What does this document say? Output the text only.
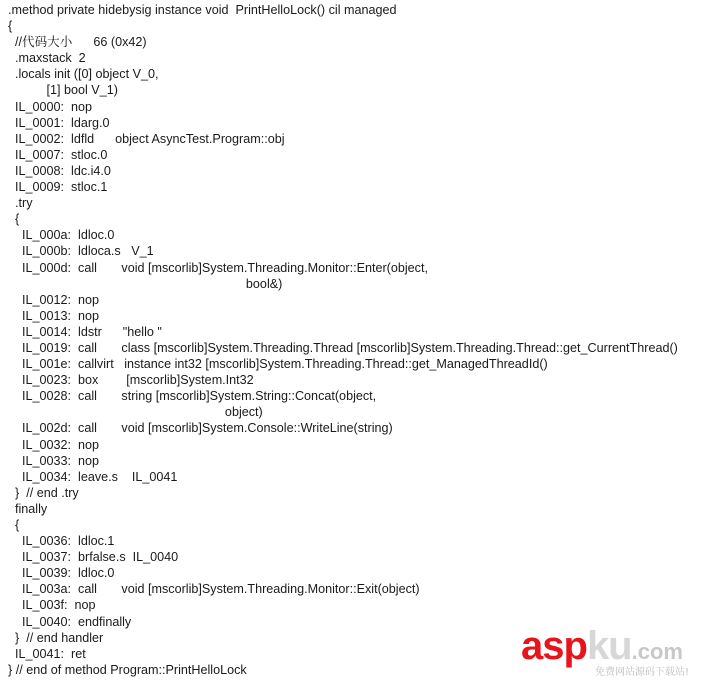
.method private hidebysig instance void  PrintHelloLock() cil managed
{
//代码大小      66 (0x42)
.maxstack  2
.locals init ([0] object V_0,
[1] bool V_1)
IL_0000:  nop
IL_0001:  ldarg.0
IL_0002:  ldfld      object AsyncTest.Program::obj
IL_0007:  stloc.0
IL_0008:  ldc.i4.0
IL_0009:  stloc.1
.try
{
IL_000a:  ldloc.0
IL_000b:  ldloca.s   V_1
IL_000d:  call       void [mscorlib]System.Threading.Monitor::Enter(object,
bool&)
IL_0012:  nop
IL_0013:  nop
IL_0014:  ldstr      "hello "
IL_0019:  call       class [mscorlib]System.Threading.Thread [mscorlib]System.Threading.Thread::get_CurrentThread()
IL_001e:  callvirt   instance int32 [mscorlib]System.Threading.Thread::get_ManagedThreadId()
IL_0023:  box        [mscorlib]System.Int32
IL_0028:  call       string [mscorlib]System.String::Concat(object,
object)
IL_002d:  call       void [mscorlib]System.Console::WriteLine(string)
IL_0032:  nop
IL_0033:  nop
IL_0034:  leave.s    IL_0041
}  // end .try
finally
{
IL_0036:  ldloc.1
IL_0037:  brfalse.s  IL_0040
IL_0039:  ldloc.0
IL_003a:  call       void [mscorlib]System.Threading.Monitor::Exit(object)
IL_003f:  nop
IL_0040:  endfinally
}  // end handler
IL_0041:  ret
} // end of method Program::PrintHelloLock
aspku.com
免费网站源码下载站!
